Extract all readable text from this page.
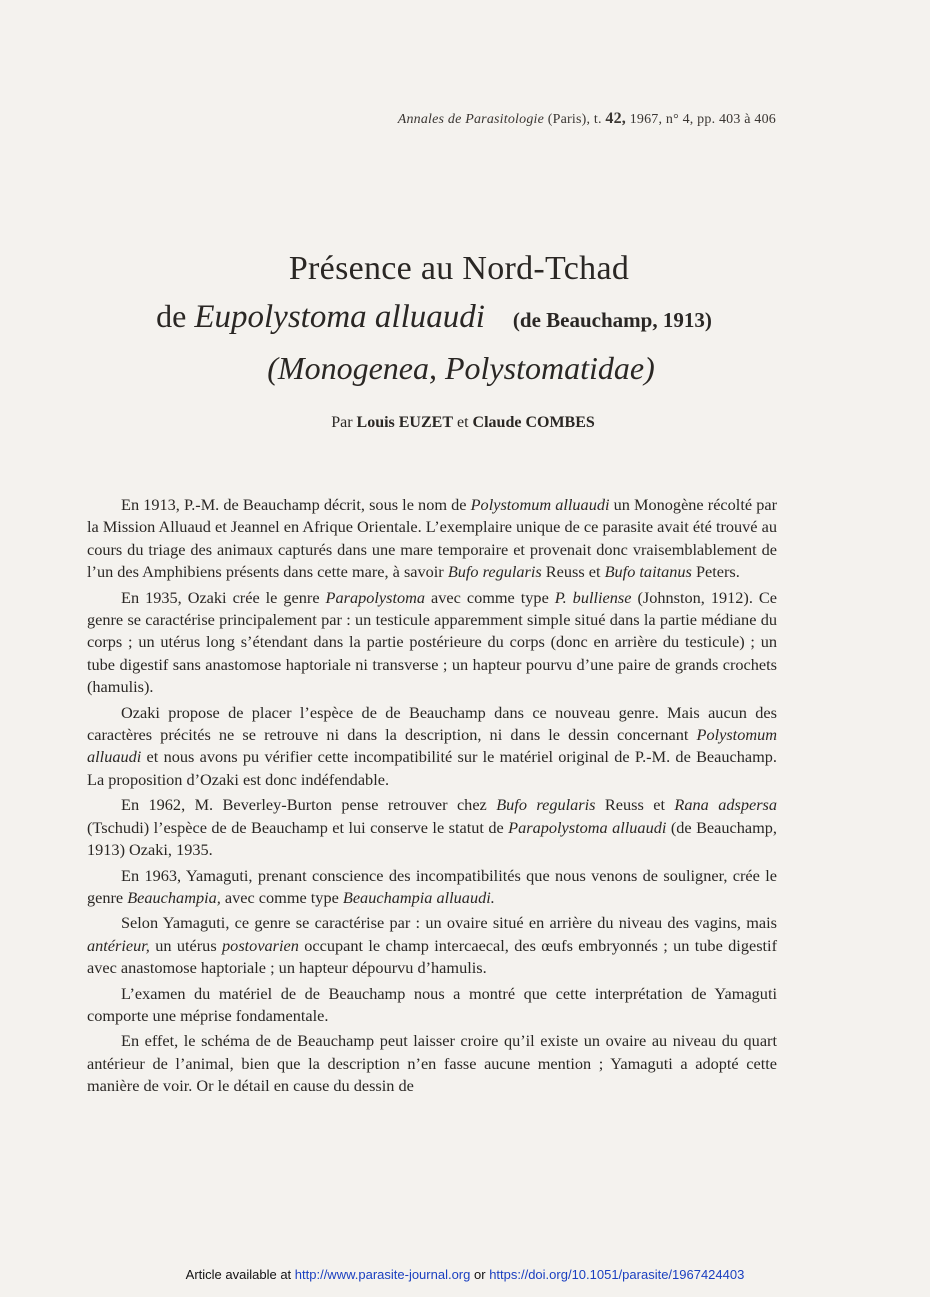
Annales de Parasitologie (Paris), t. 42, 1967, n° 4, pp. 403 à 406
Présence au Nord-Tchad
de Eupolystoma alluaudi (de Beauchamp, 1913)
(Monogenea, Polystomatidae)
Par Louis EUZET et Claude COMBES

En 1913, P.-M. de Beauchamp décrit, sous le nom de Polystomum alluaudi un Monogène récolté par la Mission Alluaud et Jeannel en Afrique Orientale. L’exemplaire unique de ce parasite avait été trouvé au cours du triage des animaux capturés dans une mare temporaire et provenait donc vraisemblablement de l’un des Amphibiens présents dans cette mare, à savoir Bufo regularis Reuss et Bufo taitanus Peters.

En 1935, Ozaki crée le genre Parapolystoma avec comme type P. bulliense (Johnston, 1912). Ce genre se caractérise principalement par : un testicule apparemment simple situé dans la partie médiane du corps ; un utérus long s’étendant dans la partie postérieure du corps (donc en arrière du testicule) ; un tube digestif sans anastomose haptoriale ni transverse ; un hapteur pourvu d’une paire de grands crochets (hamulis).

Ozaki propose de placer l’espèce de de Beauchamp dans ce nouveau genre. Mais aucun des caractères précités ne se retrouve ni dans la description, ni dans le dessin concernant Polystomum alluaudi et nous avons pu vérifier cette incompatibilité sur le matériel original de P.-M. de Beauchamp. La proposition d’Ozaki est donc indéfendable.

En 1962, M. Beverley-Burton pense retrouver chez Bufo regularis Reuss et Rana adspersa (Tschudi) l’espèce de de Beauchamp et lui conserve le statut de Parapolystoma alluaudi (de Beauchamp, 1913) Ozaki, 1935.

En 1963, Yamaguti, prenant conscience des incompatibilités que nous venons de souligner, crée le genre Beauchampia, avec comme type Beauchampia alluaudi.

Selon Yamaguti, ce genre se caractérise par : un ovaire situé en arrière du niveau des vagins, mais antérieur, un utérus postovarien occupant le champ intercaecal, des œufs embryonnés ; un tube digestif avec anastomose haptoriale ; un hapteur dépourvu d’hamulis.

L’examen du matériel de de Beauchamp nous a montré que cette interprétation de Yamaguti comporte une méprise fondamentale.

En effet, le schéma de de Beauchamp peut laisser croire qu’il existe un ovaire au niveau du quart antérieur de l’animal, bien que la description n’en fasse aucune mention ; Yamaguti a adopté cette manière de voir. Or le détail en cause du dessin de

Article available at http://www.parasite-journal.org or https://doi.org/10.1051/parasite/1967424403
